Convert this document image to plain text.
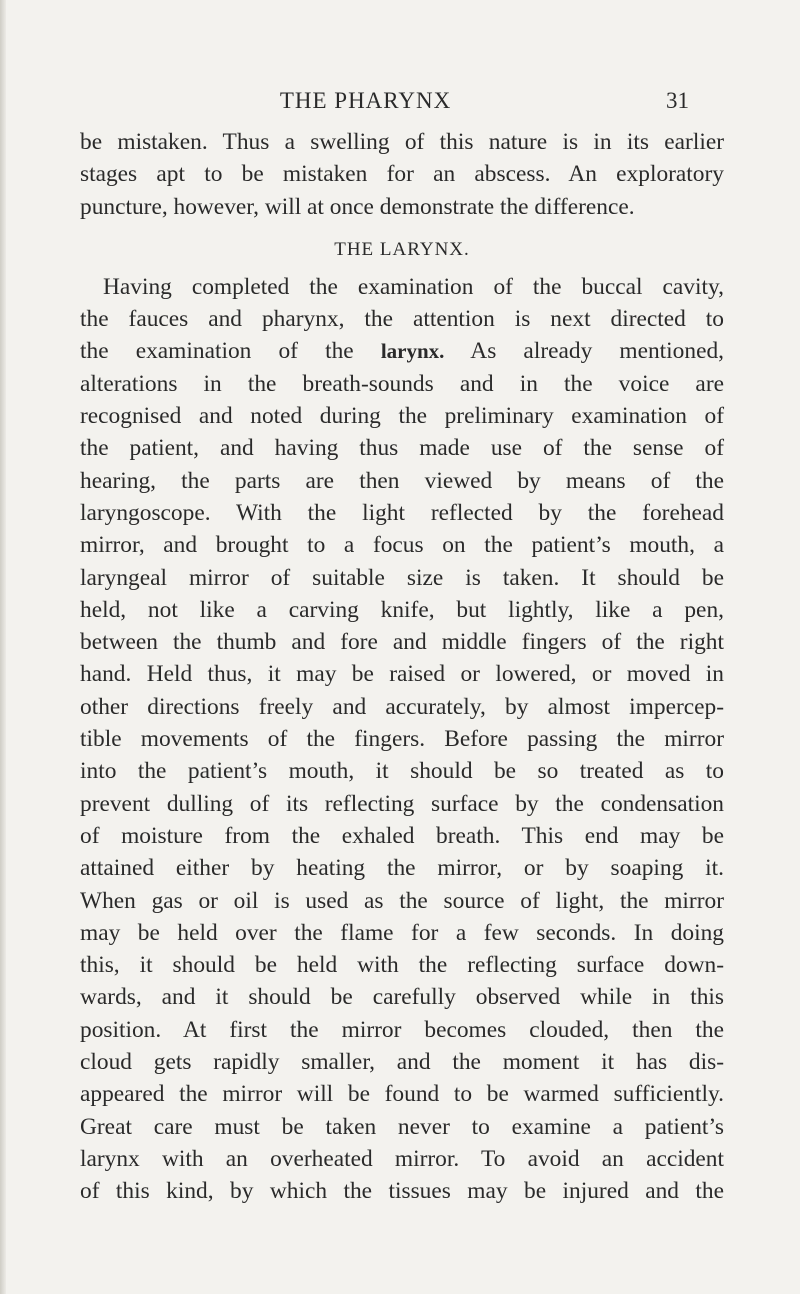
THE PHARYNX	31
be mistaken. Thus a swelling of this nature is in its earlier
stages apt to be mistaken for an abscess. An exploratory
puncture, however, will at once demonstrate the difference.
THE LARYNX.
Having completed the examination of the buccal cavity,
the fauces and pharynx, the attention is next directed to
the examination of the larynx. As already mentioned,
alterations in the breath-sounds and in the voice are
recognised and noted during the preliminary examination of
the patient, and having thus made use of the sense of
hearing, the parts are then viewed by means of the
laryngoscope. With the light reflected by the forehead
mirror, and brought to a focus on the patient’s mouth, a
laryngeal mirror of suitable size is taken. It should be
held, not like a carving knife, but lightly, like a pen,
between the thumb and fore and middle fingers of the right
hand. Held thus, it may be raised or lowered, or moved in
other directions freely and accurately, by almost impercep-
tible movements of the fingers. Before passing the mirror
into the patient’s mouth, it should be so treated as to
prevent dulling of its reflecting surface by the condensation
of moisture from the exhaled breath. This end may be
attained either by heating the mirror, or by soaping it.
When gas or oil is used as the source of light, the mirror
may be held over the flame for a few seconds. In doing
this, it should be held with the reflecting surface down-
wards, and it should be carefully observed while in this
position. At first the mirror becomes clouded, then the
cloud gets rapidly smaller, and the moment it has dis-
appeared the mirror will be found to be warmed sufficiently.
Great care must be taken never to examine a patient’s
larynx with an overheated mirror. To avoid an accident
of this kind, by which the tissues may be injured and the
